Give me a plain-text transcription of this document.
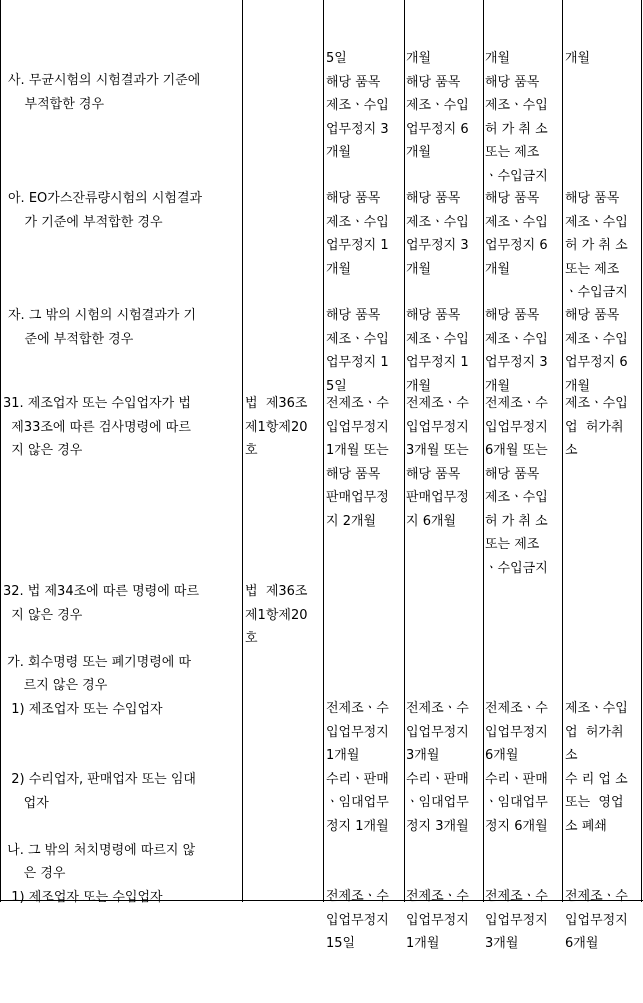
사. 무균시험의 시험결과가 기준에
부적합한 경우

5일
해당 품목
제조ㆍ수입
업무정지 3
개월

개월
해당 품목
제조ㆍ수입
업무정지 6
개월

개월
해당 품목
제조ㆍ수입
허 가 취 소
또는 제조
ㆍ수입금지

개월

아. EO가스잔류량시험의 시험결과
가 기준에 부적합한 경우

해당 품목
제조ㆍ수입
업무정지 1
개월

해당 품목
제조ㆍ수입
업무정지 3
개월

해당 품목
제조ㆍ수입
업무정지 6
개월

해당 품목
제조ㆍ수입
허 가 취 소
또는 제조
ㆍ수입금지

자. 그 밖의 시험의 시험결과가 기
준에 부적합한 경우

해당 품목
제조ㆍ수입
업무정지 1
5일

해당 품목
제조ㆍ수입
업무정지 1
개월

해당 품목
제조ㆍ수입
업무정지 3
개월

해당 품목
제조ㆍ수입
업무정지 6
개월

31. 제조업자 또는 수입업자가 법
제33조에 따른 검사명령에 따르
지 않은 경우

법  제36조
제1항제20
호

전제조ㆍ수
입업무정지
1개월 또는
해당 품목
판매업무정
지 2개월

전제조ㆍ수
입업무정지
3개월 또는
해당 품목
판매업무정
지 6개월

전제조ㆍ수
입업무정지
6개월 또는
해당 품목
제조ㆍ수입
허 가 취 소
또는 제조
ㆍ수입금지

제조ㆍ수입
업  허가취
소

32. 법 제34조에 따른 명령에 따르
지 않은 경우
가. 회수명령 또는 폐기명령에 따
르지 않은 경우
1) 제조업자 또는 수입업자
2) 수리업자, 판매업자 또는 임대
업자
나. 그 밖의 처치명령에 따르지 않
은 경우
1) 제조업자 또는 수입업자

법  제36조
제1항제20
호

전제조ㆍ수
입업무정지
1개월
수리ㆍ판매
ㆍ임대업무
정지 1개월
전제조ㆍ수
입업무정지
15일

전제조ㆍ수
입업무정지
3개월
수리ㆍ판매
ㆍ임대업무
정지 3개월
전제조ㆍ수
입업무정지
1개월

전제조ㆍ수
입업무정지
6개월
수리ㆍ판매
ㆍ임대업무
정지 6개월
전제조ㆍ수
입업무정지
3개월

제조ㆍ수입
업  허가취
소
수 리 업 소
또는  영업
소 폐쇄
전제조ㆍ수
입업무정지
6개월
